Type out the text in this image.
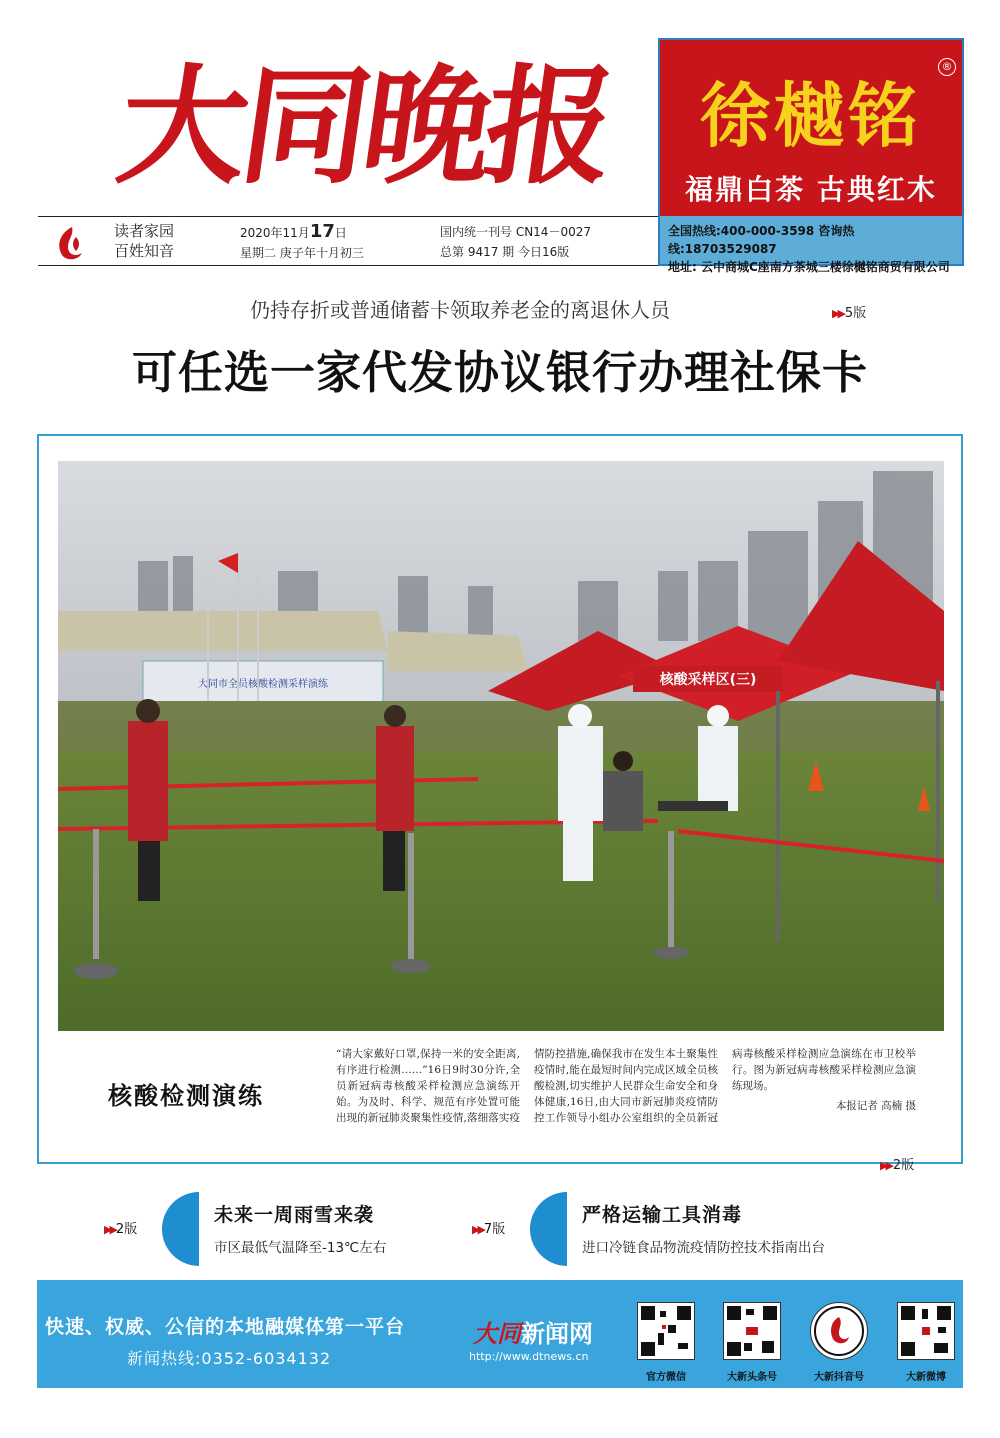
大同晚报	徐樾铭
®
福鼎白茶 古典红木
全国热线:400-000-3598 咨询热线:18703529087
地址: 云中商城C座南方茶城三楼徐樾铭商贸有限公司
读者家园
百姓知音
2020年11月17日
星期二 庚子年十月初三
国内统一刊号 CN14－0027
总第 9417 期 今日16版
仍持存折或普通储蓄卡领取养老金的离退休人员	▶▶ 5版
可任选一家代发协议银行办理社保卡
大同市全员核酸检测采样演练	核酸采样区(三)
核酸检测演练
“请大家戴好口罩,保持一米的安全距离,有序进行检测……”16日9时30分许,全员新冠病毒核酸采样检测应急演练开始。为及时、科学、规范有序处置可能出现的新冠肺炎聚集性疫情,落细落实疫情防控措施,确保我市在发生本土聚集性疫情时,能在最短时间内完成区域全员核酸检测,切实维护人民群众生命安全和身体健康,16日,由大同市新冠肺炎疫情防控工作领导小组办公室组织的全员新冠病毒核酸采样检测应急演练在市卫校举行。图为新冠病毒核酸采样检测应急演练现场。
本报记者 高楠 摄
▶▶ 2版
▶▶2版
未来一周雨雪来袭
市区最低气温降至-13℃左右
▶▶7版
严格运输工具消毒
进口冷链食品物流疫情防控技术指南出台
快速、权威、公信的本地融媒体第一平台
新闻热线:0352-6034132
大同新闻网
http://www.dtnews.cn
官方微信	大新头条号	大新抖音号	大新微博
